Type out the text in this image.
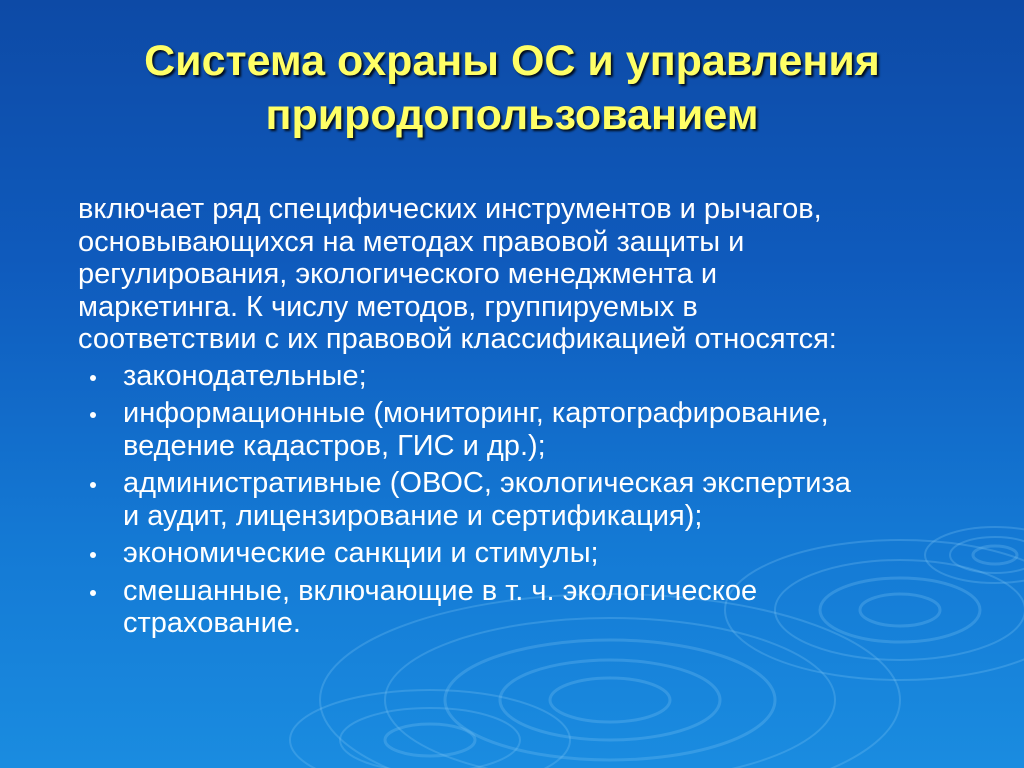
Система охраны ОС и управления
природопользованием

включает ряд специфических инструментов и рычагов,
основывающихся на методах правовой защиты и
регулирования, экологического менеджмента и
маркетинга. К числу методов, группируемых в
соответствии с их правовой классификацией относятся:

законодательные;
информационные (мониторинг, картографирование,
ведение кадастров, ГИС и др.);
административные (ОВОС, экологическая экспертиза
и аудит, лицензирование и сертификация);
экономические санкции и стимулы;
смешанные, включающие в т. ч. экологическое
страхование.
